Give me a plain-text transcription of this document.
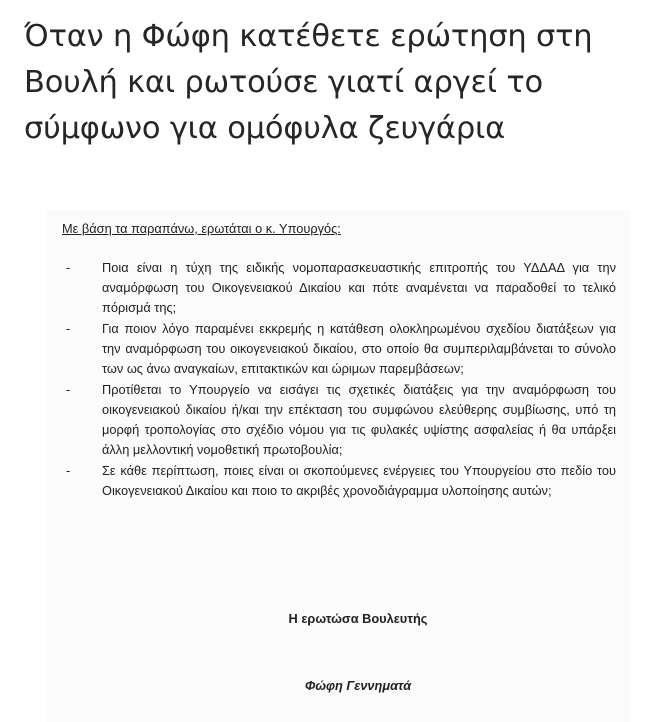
Όταν η Φώφη κατέθετε ερώτηση στη
Βουλή και ρωτούσε γιατί αργεί το
σύμφωνο για ομόφυλα ζευγάρια
Με βάση τα παραπάνω, ερωτάται ο κ. Υπουργός:
- Ποια είναι η τύχη της ειδικής νομοπαρασκευαστικής επιτροπής του ΥΔΔΑΔ για την αναμόρφωση του Οικογενειακού Δικαίου και πότε αναμένεται να παραδοθεί το τελικό πόρισμά της;
- Για ποιον λόγο παραμένει εκκρεμής η κατάθεση ολοκληρωμένου σχεδίου διατάξεων για την αναμόρφωση του οικογενειακού δικαίου, στο οποίο θα συμπεριλαμβάνεται το σύνολο των ως άνω αναγκαίων, επιτακτικών και ώριμων παρεμβάσεων;
- Προτίθεται το Υπουργείο να εισάγει τις σχετικές διατάξεις για την αναμόρφωση του οικογενειακού δικαίου ή/και την επέκταση του συμφώνου ελεύθερης συμβίωσης, υπό τη μορφή τροπολογίας στο σχέδιο νόμου για τις φυλακές υψίστης ασφαλείας ή θα υπάρξει άλλη μελλοντική νομοθετική πρωτοβουλία;
- Σε κάθε περίπτωση, ποιες είναι οι σκοπούμενες ενέργειες του Υπουργείου στο πεδίο του Οικογενειακού Δικαίου και ποιο το ακριβές χρονοδιάγραμμα υλοποίησης αυτών;
Η ερωτώσα Βουλευτής
Φώφη Γεννηματά
